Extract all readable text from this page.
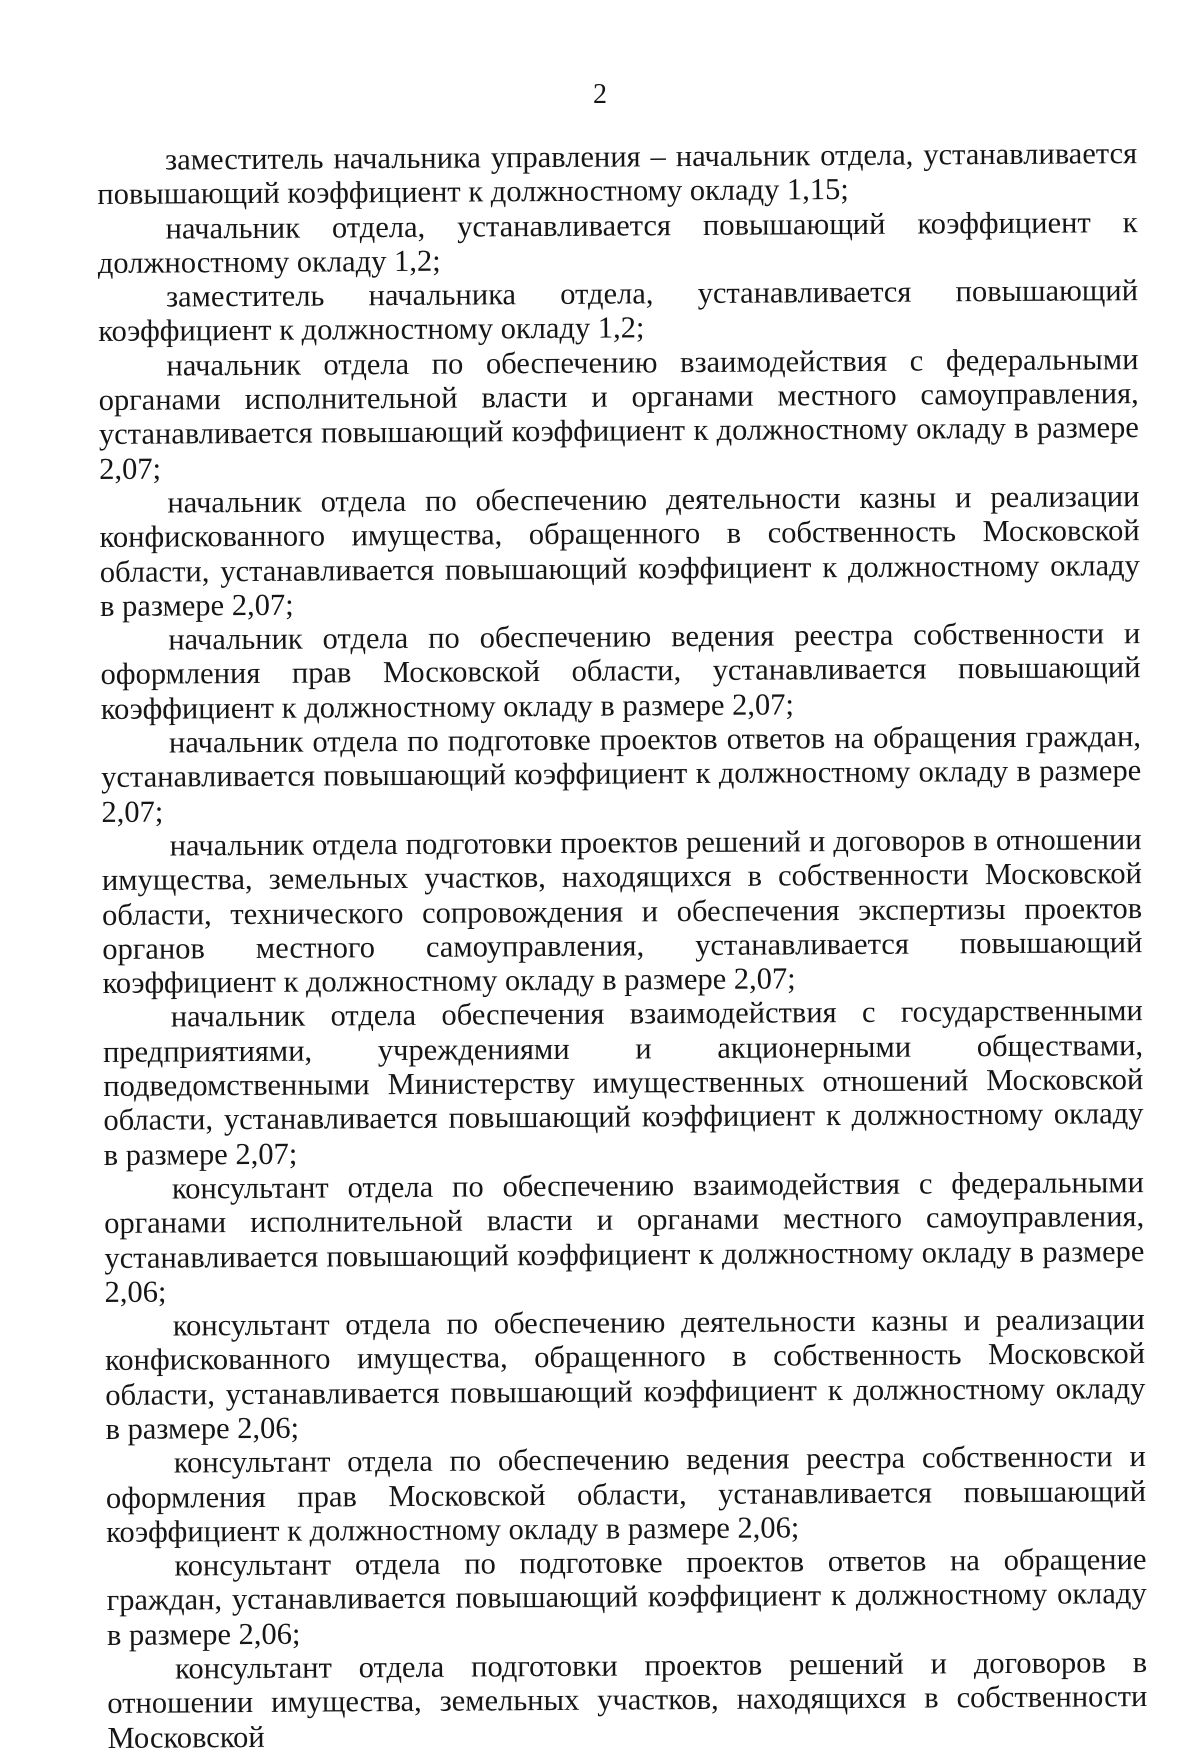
2

заместитель начальника управления – начальник отдела, устанавливается повышающий коэффициент к должностному окладу 1,15;

начальник отдела, устанавливается повышающий коэффициент к должностному окладу 1,2;

заместитель начальника отдела, устанавливается повышающий коэффициент к должностному окладу 1,2;

начальник отдела по обеспечению взаимодействия с федеральными органами исполнительной власти и органами местного самоуправления, устанавливается повышающий коэффициент к должностному окладу в размере 2,07;

начальник отдела по обеспечению деятельности казны и реализации конфискованного имущества, обращенного в собственность Московской области, устанавливается повышающий коэффициент к должностному окладу в размере 2,07;

начальник отдела по обеспечению ведения реестра собственности и оформления прав Московской области, устанавливается повышающий коэффициент к должностному окладу в размере 2,07;

начальник отдела по подготовке проектов ответов на обращения граждан, устанавливается повышающий коэффициент к должностному окладу в размере 2,07;

начальник отдела подготовки проектов решений и договоров в отношении имущества, земельных участков, находящихся в собственности Московской области, технического сопровождения и обеспечения экспертизы проектов органов местного самоуправления, устанавливается повышающий коэффициент к должностному окладу в размере 2,07;

начальник отдела обеспечения взаимодействия с государственными предприятиями, учреждениями и акционерными обществами, подведомственными Министерству имущественных отношений Московской области, устанавливается повышающий коэффициент к должностному окладу в размере 2,07;

консультант отдела по обеспечению взаимодействия с федеральными органами исполнительной власти и органами местного самоуправления, устанавливается повышающий коэффициент к должностному окладу в размере 2,06;

консультант отдела по обеспечению деятельности казны и реализации конфискованного имущества, обращенного в собственность Московской области, устанавливается повышающий коэффициент к должностному окладу в размере 2,06;

консультант отдела по обеспечению ведения реестра собственности и оформления прав Московской области, устанавливается повышающий коэффициент к должностному окладу в размере 2,06;

консультант отдела по подготовке проектов ответов на обращение граждан, устанавливается повышающий коэффициент к должностному окладу в размере 2,06;

консультант отдела подготовки проектов решений и договоров в отношении имущества, земельных участков, находящихся в собственности Московской
